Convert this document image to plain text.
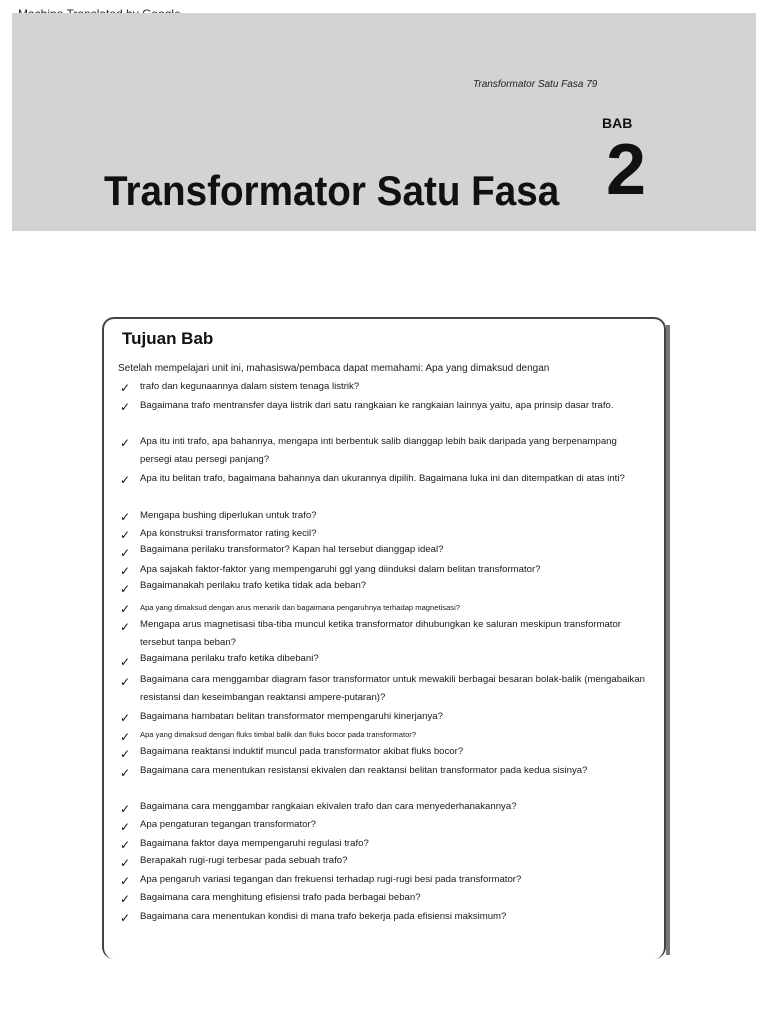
Transformator Satu Fasa 79
BAB
2
Transformator Satu Fasa
Tujuan Bab
Setelah mempelajari unit ini, mahasiswa/pembaca dapat memahami: Apa yang dimaksud dengan
✓ trafo dan kegunaannya dalam sistem tenaga listrik?
✓ Bagaimana trafo mentransfer daya listrik dari satu rangkaian ke rangkaian lainnya yaitu, apa prinsip dasar trafo.
✓ Apa itu inti trafo, apa bahannya, mengapa inti berbentuk salib dianggap lebih baik daripada yang berpenampang
persegi atau persegi panjang?
✓ Apa itu belitan trafo, bagaimana bahannya dan ukurannya dipilih. Bagaimana luka ini dan ditempatkan di atas inti?
✓ Mengapa bushing diperlukan untuk trafo?
✓ Apa konstruksi transformator rating kecil?
✓ Bagaimana perilaku transformator? Kapan hal tersebut dianggap ideal?
✓ Apa sajakah faktor-faktor yang mempengaruhi ggl yang diinduksi dalam belitan transformator?
✓ Bagaimanakah perilaku trafo ketika tidak ada beban?
✓ Apa yang dimaksud dengan arus menarik dan bagaimana pengaruhnya terhadap magnetisasi?
✓ Mengapa arus magnetisasi tiba-tiba muncul ketika transformator dihubungkan ke saluran meskipun transformator
tersebut tanpa beban?
✓ Bagaimana perilaku trafo ketika dibebani?
✓ Bagaimana cara menggambar diagram fasor transformator untuk mewakili berbagai besaran bolak-balik (mengabaikan
resistansi dan keseimbangan reaktansi ampere-putaran)?
✓ Bagaimana hambatan belitan transformator mempengaruhi kinerjanya?
✓ Apa yang dimaksud dengan fluks timbal balik dan fluks bocor pada transformator?
✓ Bagaimana reaktansi induktif muncul pada transformator akibat fluks bocor?
✓ Bagaimana cara menentukan resistansi ekivalen dan reaktansi belitan transformator pada kedua sisinya?
✓ Bagaimana cara menggambar rangkaian ekivalen trafo dan cara menyederhanakannya?
✓ Apa pengaturan tegangan transformator?
✓ Bagaimana faktor daya mempengaruhi regulasi trafo?
✓ Berapakah rugi-rugi terbesar pada sebuah trafo?
✓ Apa pengaruh variasi tegangan dan frekuensi terhadap rugi-rugi besi pada transformator?
✓ Bagaimana cara menghitung efisiensi trafo pada berbagai beban?
✓ Bagaimana cara menentukan kondisi di mana trafo bekerja pada efisiensi maksimum?
